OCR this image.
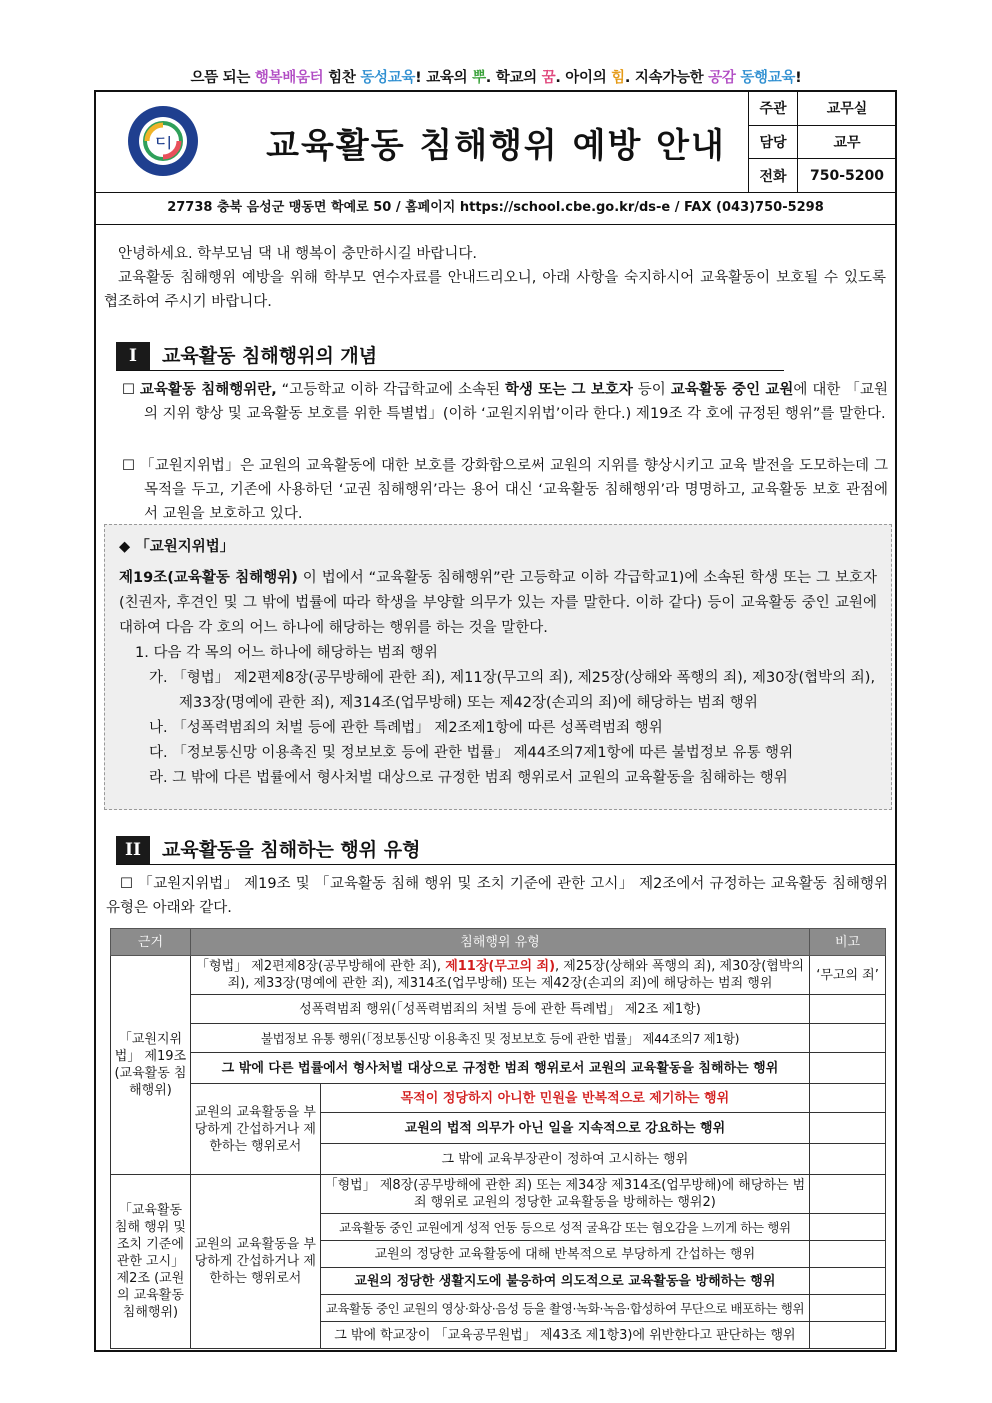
으뜸 되는 행복배움터 힘찬 동성교육! 교육의 뿌. 학교의 꿈. 아이의 힘. 지속가능한 공감 동행교육!
ㄷ|	교육활동 침해행위 예방 안내
주관	교무실
담당	교무
전화	750-5200
27738 충북 음성군 맹동면 학예로 50 / 홈페이지 https://school.cbe.go.kr/ds-e / FAX (043)750-5298

안녕하세요. 학부모님 댁 내 행복이 충만하시길 바랍니다.

교육활동 침해행위 예방을 위해 학부모 연수자료를 안내드리오니, 아래 사항을 숙지하시어 교육활동이 보호될 수 있도록 협조하여 주시기 바랍니다.

I	교육활동 침해행위의 개념

☐ 교육활동 침해행위란, “고등학교 이하 각급학교에 소속된 학생 또는 그 보호자 등이 교육활동 중인 교원에 대한 「교원의 지위 향상 및 교육활동 보호를 위한 특별법」(이하 ‘교원지위법’이라 한다.) 제19조 각 호에 규정된 행위”를 말한다.

☐ 「교원지위법」은 교원의 교육활동에 대한 보호를 강화함으로써 교원의 지위를 향상시키고 교육 발전을 도모하는데 그 목적을 두고, 기존에 사용하던 ‘교권 침해행위’라는 용어 대신 ‘교육활동 침해행위’라 명명하고, 교육활동 보호 관점에서 교원을 보호하고 있다.

◆ 「교원지위법」

제19조(교육활동 침해행위) 이 법에서 “교육활동 침해행위”란 고등학교 이하 각급학교1)에 소속된 학생 또는 그 보호자(친권자, 후견인 및 그 밖에 법률에 따라 학생을 부양할 의무가 있는 자를 말한다. 이하 같다) 등이 교육활동 중인 교원에 대하여 다음 각 호의 어느 하나에 해당하는 행위를 하는 것을 말한다.

1. 다음 각 목의 어느 하나에 해당하는 범죄 행위

가. 「형법」 제2편제8장(공무방해에 관한 죄), 제11장(무고의 죄), 제25장(상해와 폭행의 죄), 제30장(협박의 죄),

제33장(명예에 관한 죄), 제314조(업무방해) 또는 제42장(손괴의 죄)에 해당하는 범죄 행위

나. 「성폭력범죄의 처벌 등에 관한 특례법」 제2조제1항에 따른 성폭력범죄 행위

다. 「정보통신망 이용촉진 및 정보보호 등에 관한 법률」 제44조의7제1항에 따른 불법정보 유통 행위

라. 그 밖에 다른 법률에서 형사처벌 대상으로 규정한 범죄 행위로서 교원의 교육활동을 침해하는 행위

II	교육활동을 침해하는 행위 유형

☐ 「교원지위법」 제19조 및 「교육활동 침해 행위 및 조치 기준에 관한 고시」 제2조에서 규정하는 교육활동 침해행위 유형은 아래와 같다.

근거	침해행위 유형		비고
「교원지위법」 제19조 (교육활동 침해행위)	「형법」 제2편제8장(공무방해에 관한 죄), 제11장(무고의 죄), 제25장(상해와 폭행의 죄), 제30장(협박의 죄), 제33장(명예에 관한 죄), 제314조(업무방해) 또는 제42장(손괴의 죄)에 해당하는 범죄 행위		‘무고의 죄’
	성폭력범죄 행위(「성폭력범죄의 처벌 등에 관한 특례법」 제2조 제1항)		
	불법정보 유통 행위(「정보통신망 이용촉진 및 정보보호 등에 관한 법률」 제44조의7 제1항)		
	그 밖에 다른 법률에서 형사처벌 대상으로 규정한 범죄 행위로서 교원의 교육활동을 침해하는 행위		
	교원의 교육활동을 부당하게 간섭하거나 제한하는 행위로서	목적이 정당하지 아니한 민원을 반복적으로 제기하는 행위	
		교원의 법적 의무가 아닌 일을 지속적으로 강요하는 행위	
		그 밖에 교육부장관이 정하여 고시하는 행위	
「교육활동 침해 행위 및 조치 기준에 관한 고시」 제2조 (교원의 교육활동 침해행위)	교원의 교육활동을 부당하게 간섭하거나 제한하는 행위로서	「형법」 제8장(공무방해에 관한 죄) 또는 제34장 제314조(업무방해)에 해당하는 범죄 행위로 교원의 정당한 교육활동을 방해하는 행위2)	
		교육활동 중인 교원에게 성적 언동 등으로 성적 굴욕감 또는 혐오감을 느끼게 하는 행위	
		교원의 정당한 교육활동에 대해 반복적으로 부당하게 간섭하는 행위	
		교원의 정당한 생활지도에 불응하여 의도적으로 교육활동을 방해하는 행위	
		교육활동 중인 교원의 영상·화상·음성 등을 촬영·녹화·녹음·합성하여 무단으로 배포하는 행위	
		그 밖에 학교장이 「교육공무원법」 제43조 제1항3)에 위반한다고 판단하는 행위	
